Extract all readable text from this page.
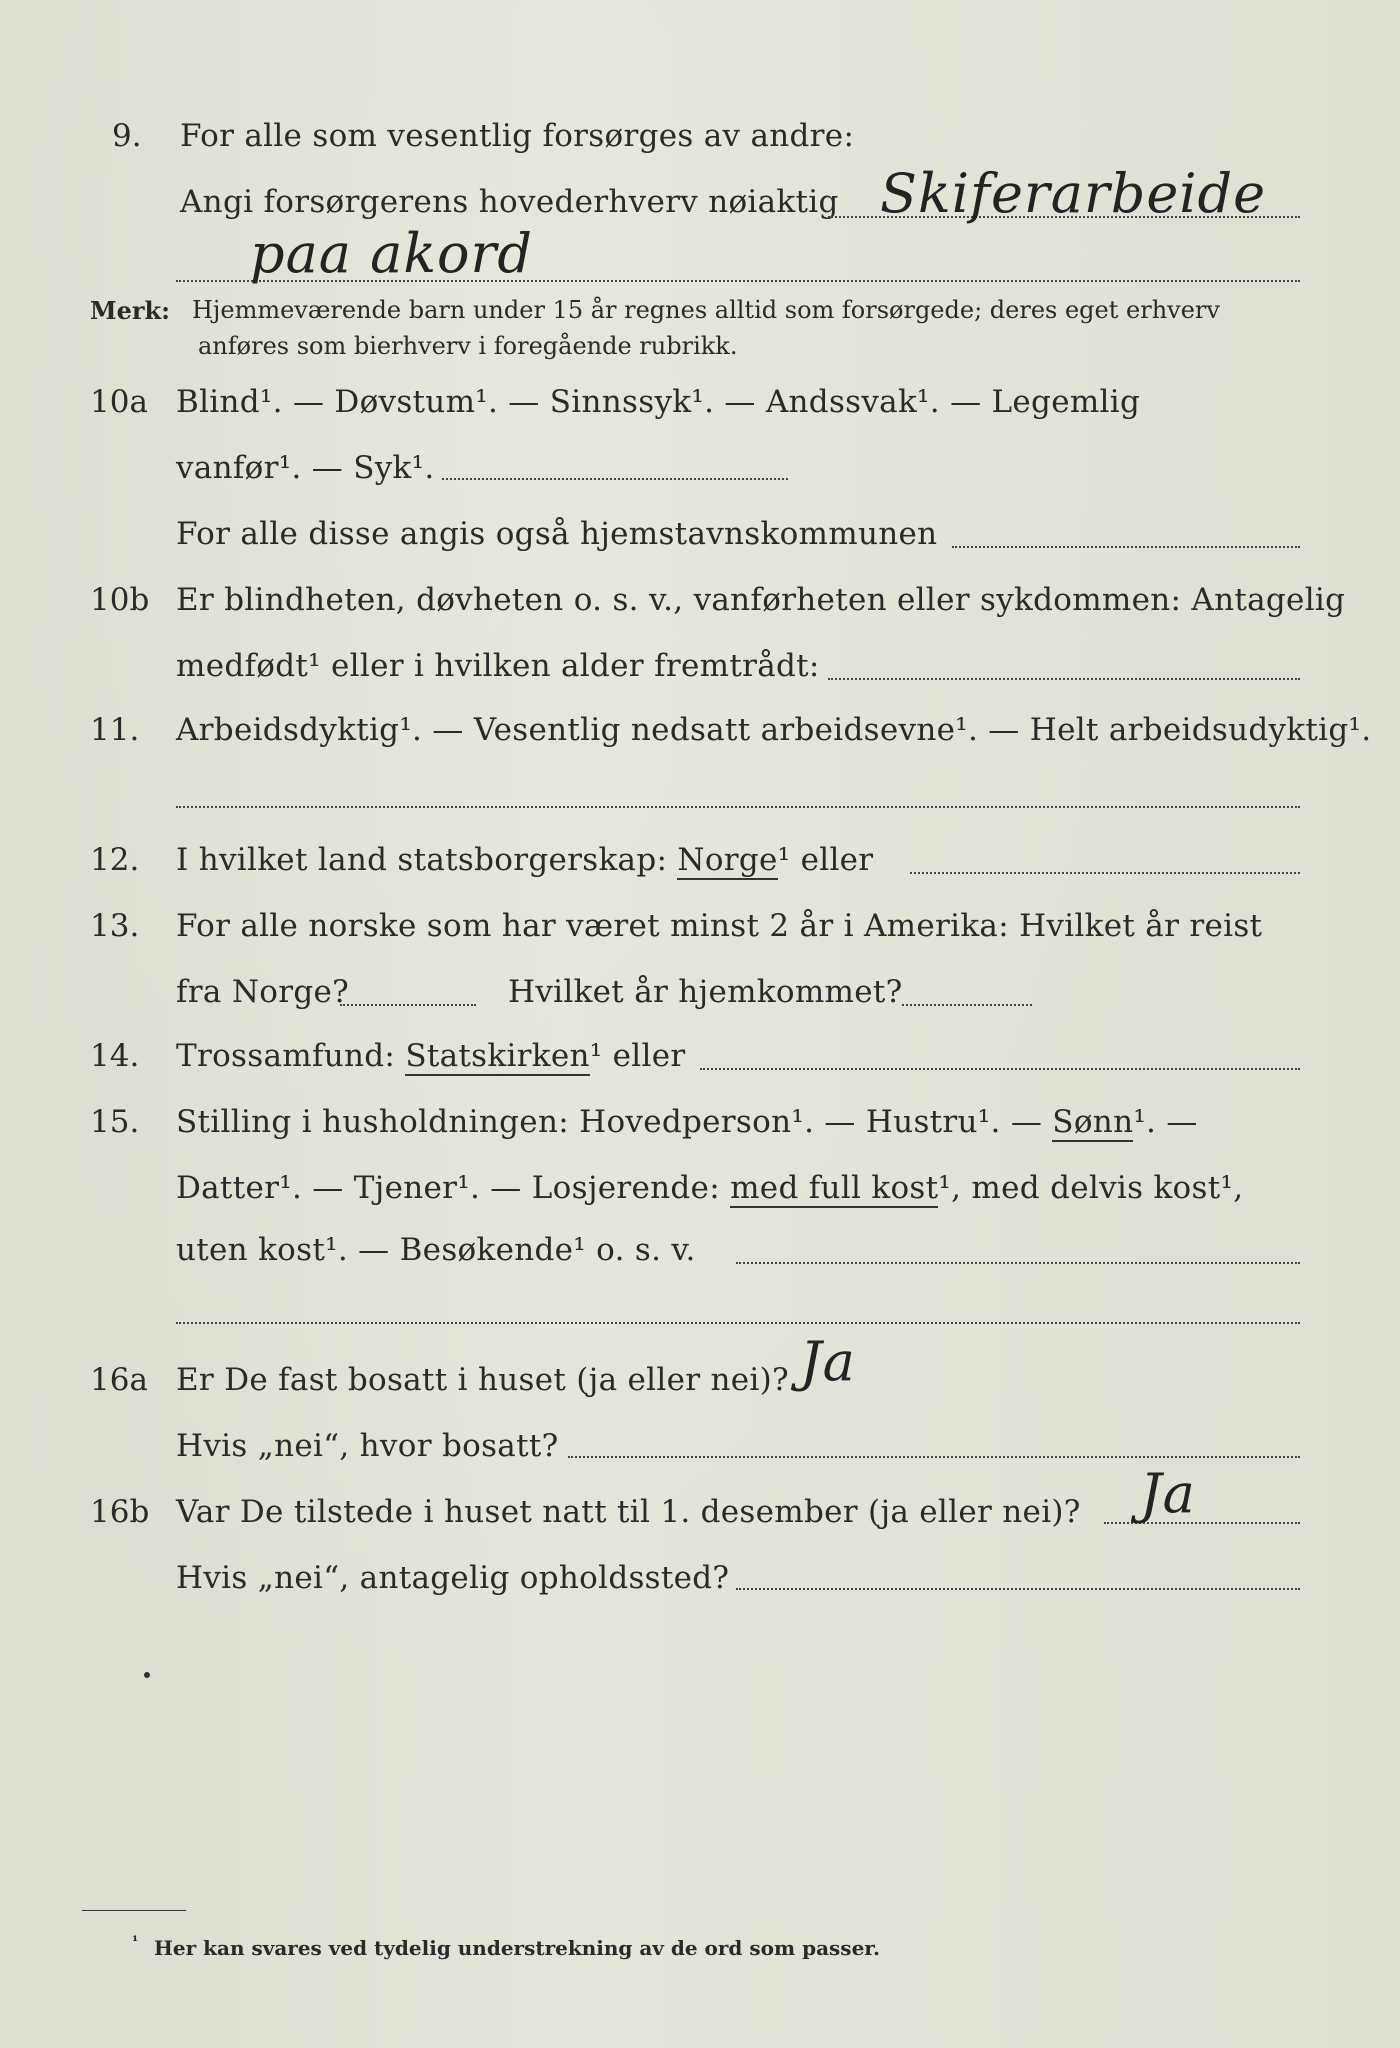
9. For alle som vesentlig forsørges av andre:
Angi forsørgerens hovederhverv nøiaktig Skiferarbeide
paa akord
Merk: Hjemmeværende barn under 15 år regnes alltid som forsørgede; deres eget erhverv
anføres som bierhverv i foregående rubrikk.
10a Blind¹. — Døvstum¹. — Sinnssyk¹. — Andssvak¹. — Legemlig
vanfør¹. — Syk¹.
For alle disse angis også hjemstavnskommunen
10b Er blindheten, døvheten o. s. v., vanførheten eller sykdommen: Antagelig
medfødt¹ eller i hvilken alder fremtrådt:
11. Arbeidsdyktig¹. — Vesentlig nedsatt arbeidsevne¹. — Helt arbeidsudyktig¹.
12. I hvilket land statsborgerskap: Norge¹ eller
13. For alle norske som har været minst 2 år i Amerika: Hvilket år reist
fra Norge?	Hvilket år hjemkommet?
14. Trossamfund: Statskirken¹ eller
15. Stilling i husholdningen: Hovedperson¹. — Hustru¹. — Sønn¹. —
Datter¹. — Tjener¹. — Losjerende: med full kost¹, med delvis kost¹,
uten kost¹. — Besøkende¹ o. s. v.
16a Er De fast bosatt i huset (ja eller nei)?
Hvis „nei“, hvor bosatt?
Ja
16b Var De tilstede i huset natt til 1. desember (ja eller nei)? Ja
Hvis „nei“, antagelig opholdssted?
¹ Her kan svares ved tydelig understrekning av de ord som passer.
